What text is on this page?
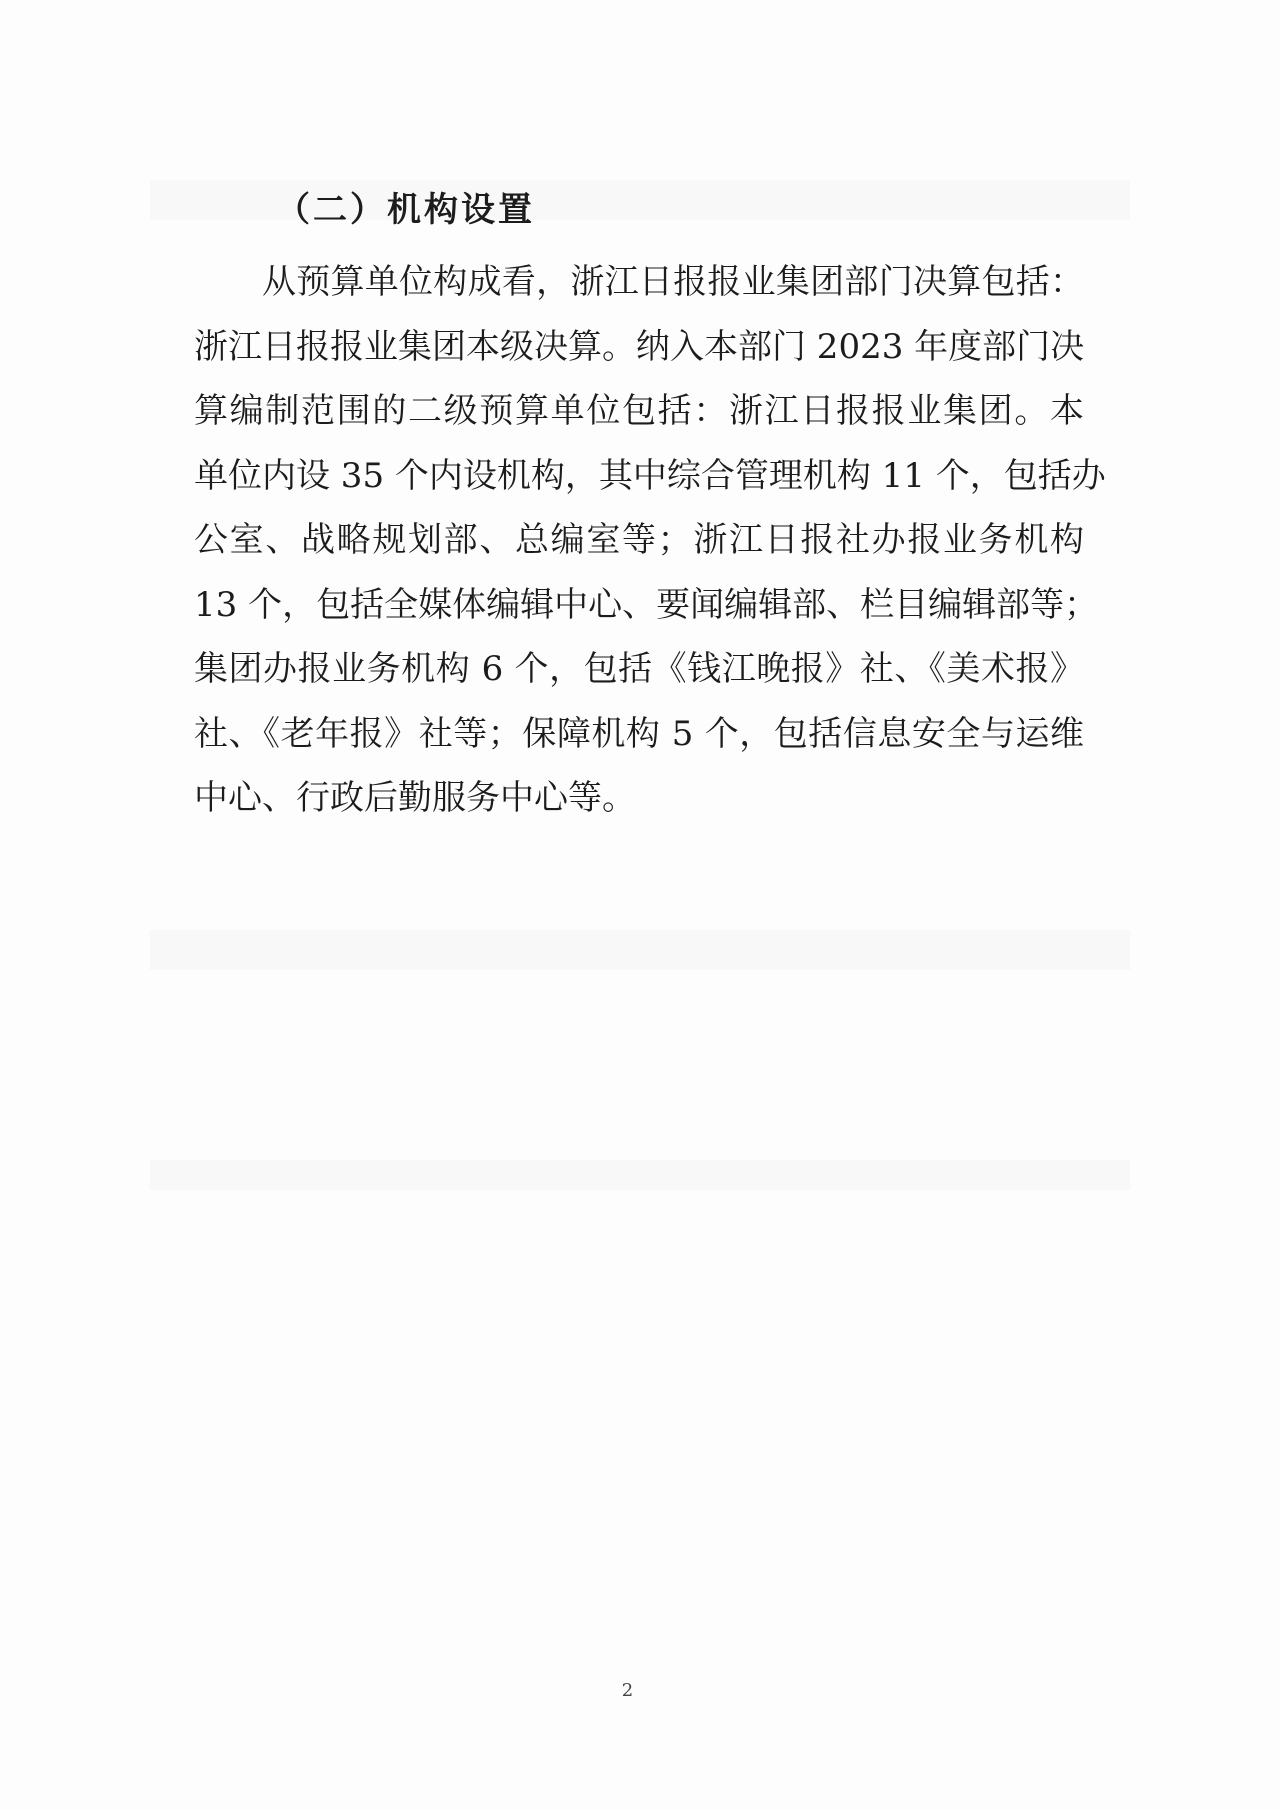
（二）机构设置
从预算单位构成看，浙江日报报业集团部门决算包括：
浙江日报报业集团本级决算。纳入本部门 2023 年度部门决
算编制范围的二级预算单位包括：浙江日报报业集团。本
单位内设 35 个内设机构，其中综合管理机构 11 个，包括办
公室、战略规划部、总编室等；浙江日报社办报业务机构
13 个，包括全媒体编辑中心、要闻编辑部、栏目编辑部等；
集团办报业务机构 6 个，包括《钱江晚报》社、《美术报》
社、《老年报》社等；保障机构 5 个，包括信息安全与运维
中心、行政后勤服务中心等。
2
